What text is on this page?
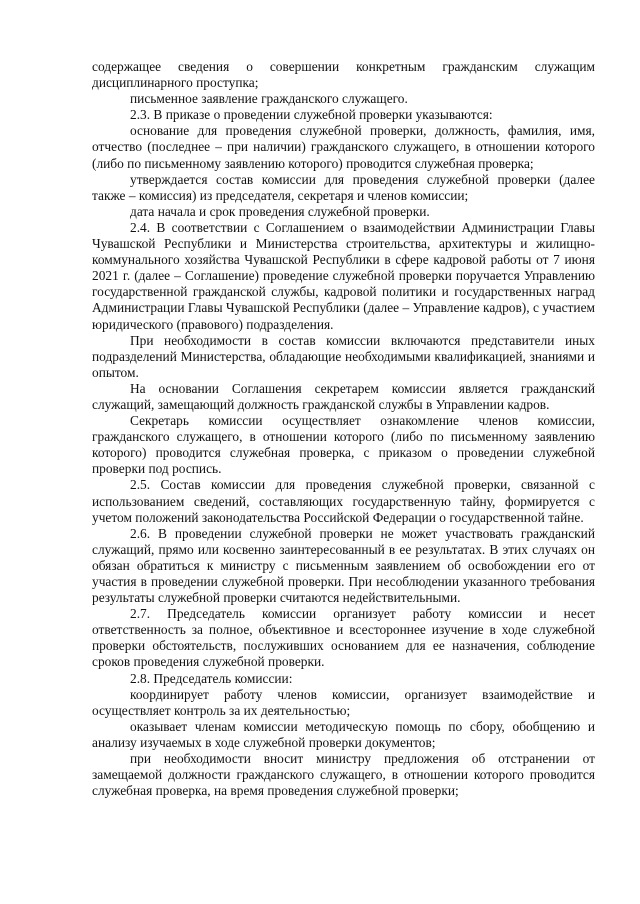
содержащее сведения о совершении конкретным гражданским служащим дисциплинарного проступка;

письменное заявление гражданского служащего.

2.3. В приказе о проведении служебной проверки указываются:

основание для проведения служебной проверки, должность, фамилия, имя, отчество (последнее – при наличии) гражданского служащего, в отношении которого (либо по письменному заявлению которого) проводится служебная проверка;

утверждается состав комиссии для проведения служебной проверки (далее также – комиссия) из председателя, секретаря и членов комиссии;

дата начала и срок проведения служебной проверки.

2.4. В соответствии с Соглашением о взаимодействии Администрации Главы Чувашской Республики и Министерства строительства, архитектуры и жилищно-коммунального хозяйства Чувашской Республики в сфере кадровой работы от 7 июня 2021 г. (далее – Соглашение) проведение служебной проверки поручается Управлению государственной гражданской службы, кадровой политики и государственных наград Администрации Главы Чувашской Республики (далее – Управление кадров), с участием юридического (правового) подразделения.

При необходимости в состав комиссии включаются представители иных подразделений Министерства, обладающие необходимыми квалификацией, знаниями и опытом.

На основании Соглашения секретарем комиссии является гражданский служащий, замещающий должность гражданской службы в Управлении кадров.

Секретарь комиссии осуществляет ознакомление членов комиссии, гражданского служащего, в отношении которого (либо по письменному заявлению которого) проводится служебная проверка, с приказом о проведении служебной проверки под роспись.

2.5. Состав комиссии для проведения служебной проверки, связанной с использованием сведений, составляющих государственную тайну, формируется с учетом положений законодательства Российской Федерации о государственной тайне.

2.6. В проведении служебной проверки не может участвовать гражданский служащий, прямо или косвенно заинтересованный в ее результатах. В этих случаях он обязан обратиться к министру с письменным заявлением об освобождении его от участия в проведении служебной проверки. При несоблюдении указанного требования результаты служебной проверки считаются недействительными.

2.7. Председатель комиссии организует работу комиссии и несет ответственность за полное, объективное и всестороннее изучение в ходе служебной проверки обстоятельств, послуживших основанием для ее назначения, соблюдение сроков проведения служебной проверки.

2.8. Председатель комиссии:

координирует работу членов комиссии, организует взаимодействие и осуществляет контроль за их деятельностью;

оказывает членам комиссии методическую помощь по сбору, обобщению и анализу изучаемых в ходе служебной проверки документов;

при необходимости вносит министру предложения об отстранении от замещаемой должности гражданского служащего, в отношении которого проводится служебная проверка, на время проведения служебной проверки;
